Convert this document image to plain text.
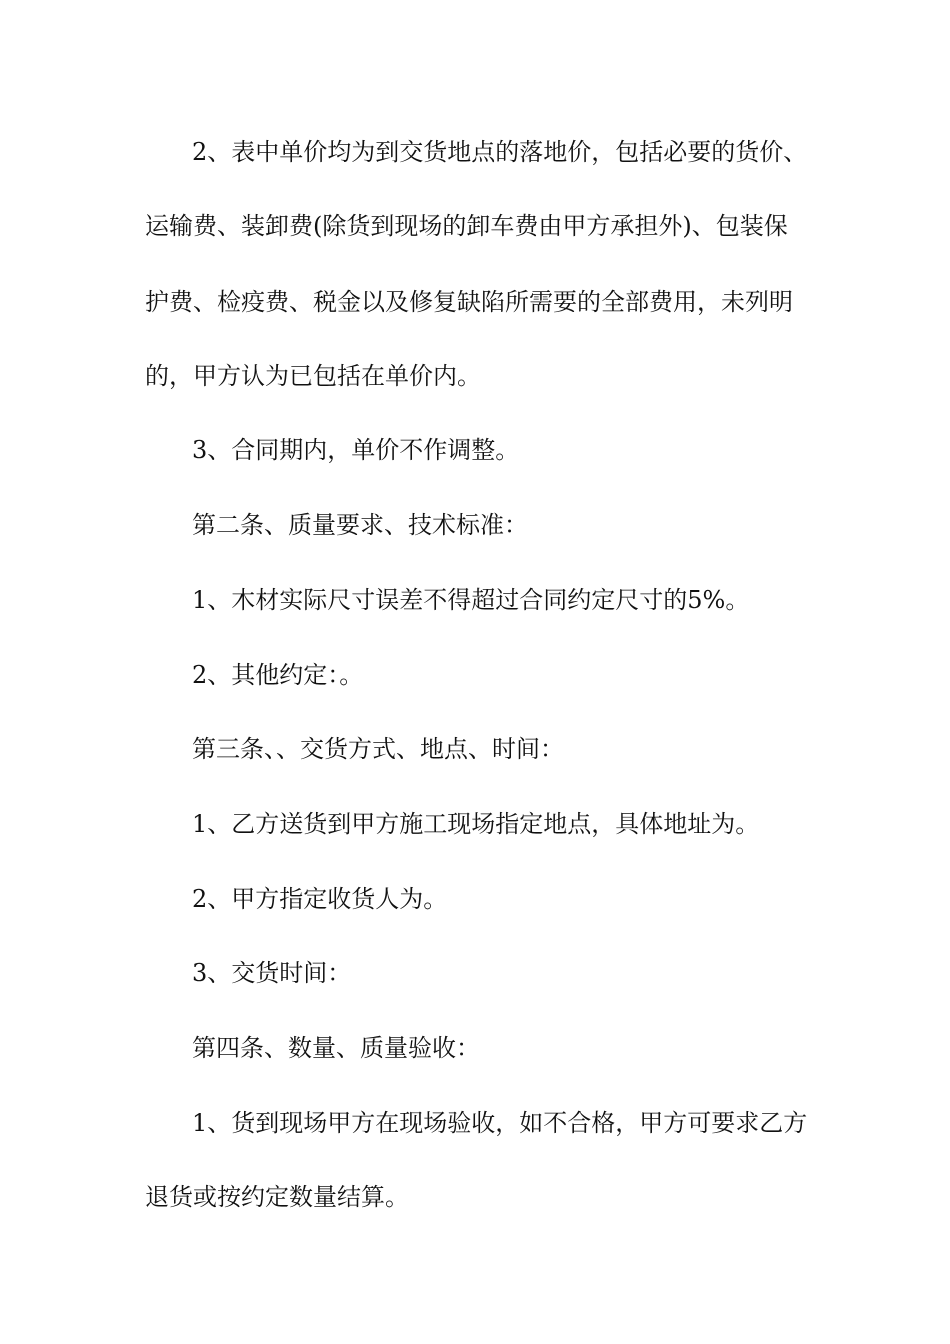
2、表中单价均为到交货地点的落地价，包括必要的货价、

运输费、装卸费(除货到现场的卸车费由甲方承担外)、包装保

护费、检疫费、税金以及修复缺陷所需要的全部费用，未列明

的，甲方认为已包括在单价内。

3、合同期内，单价不作调整。

第二条、质量要求、技术标准：

1、木材实际尺寸误差不得超过合同约定尺寸的5%。

2、其他约定：。

第三条、、交货方式、地点、时间：

1、乙方送货到甲方施工现场指定地点，具体地址为。

2、甲方指定收货人为。

3、交货时间：

第四条、数量、质量验收：

1、货到现场甲方在现场验收，如不合格，甲方可要求乙方

退货或按约定数量结算。
